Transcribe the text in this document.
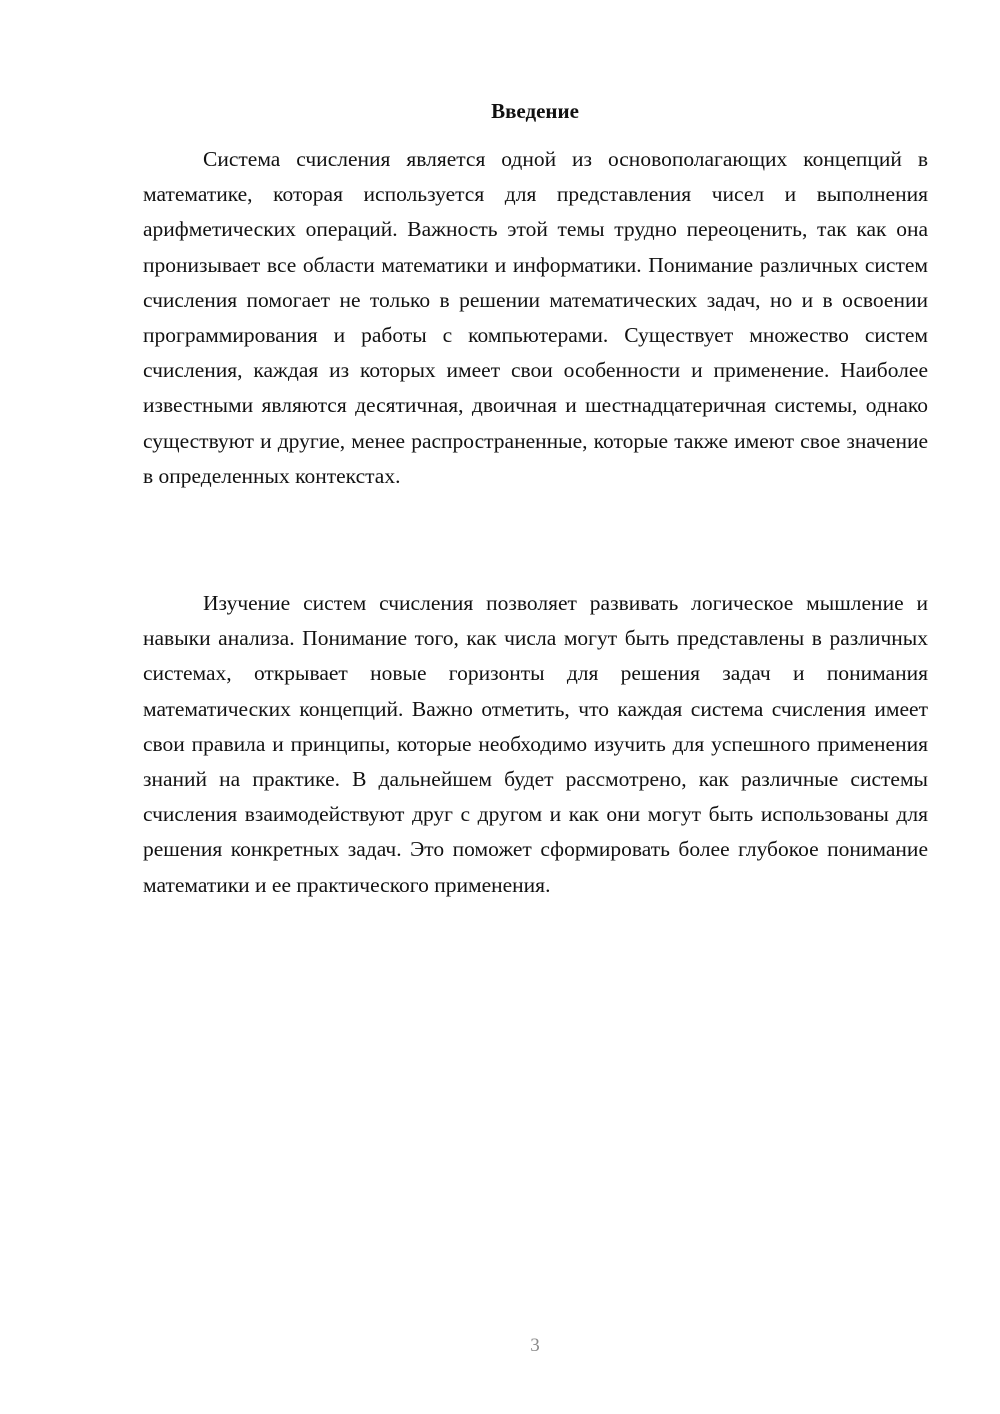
Введение

Система счисления является одной из основополагающих концепций в математике, которая используется для представления чисел и выполнения арифметических операций. Важность этой темы трудно переоценить, так как она пронизывает все области математики и информатики. Понимание различных систем счисления помогает не только в решении математических задач, но и в освоении программирования и работы с компьютерами. Существует множество систем счисления, каждая из которых имеет свои особенности и применение. Наиболее известными являются десятичная, двоичная и шестнадцатеричная системы, однако существуют и другие, менее распространенные, которые также имеют свое значение в определенных контекстах.

Изучение систем счисления позволяет развивать логическое мышление и навыки анализа. Понимание того, как числа могут быть представлены в различных системах, открывает новые горизонты для решения задач и понимания математических концепций. Важно отметить, что каждая система счисления имеет свои правила и принципы, которые необходимо изучить для успешного применения знаний на практике. В дальнейшем будет рассмотрено, как различные системы счисления взаимодействуют друг с другом и как они могут быть использованы для решения конкретных задач. Это поможет сформировать более глубокое понимание математики и ее практического применения.

3
